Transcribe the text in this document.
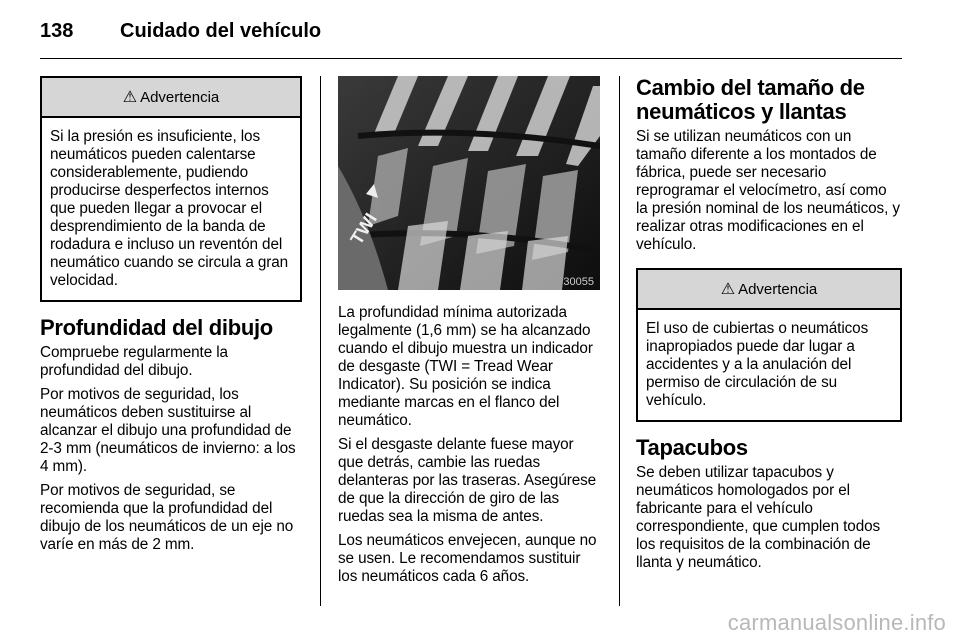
138 Cuidado del vehículo
⚠ Advertencia

Si la presión es insuficiente, los neumáticos pueden calentarse considerablemente, pudiendo producirse desperfectos internos que pueden llegar a provocar el desprendimiento de la banda de rodadura e incluso un reventón del neumático cuando se circula a gran velocidad.

Profundidad del dibujo

Compruebe regularmente la profundidad del dibujo.

Por motivos de seguridad, los neumáticos deben sustituirse al alcanzar el dibujo una profundidad de 2-3 mm (neumáticos de invierno: a los 4 mm).

Por motivos de seguridad, se recomienda que la profundidad del dibujo de los neumáticos de un eje no varíe en más de 2 mm.

TWI
30055

La profundidad mínima autorizada legalmente (1,6 mm) se ha alcanzado cuando el dibujo muestra un indicador de desgaste (TWI = Tread Wear Indicator). Su posición se indica mediante marcas en el flanco del neumático.

Si el desgaste delante fuese mayor que detrás, cambie las ruedas delanteras por las traseras. Asegúrese de que la dirección de giro de las ruedas sea la misma de antes.

Los neumáticos envejecen, aunque no se usen. Le recomendamos sustituir los neumáticos cada 6 años.

Cambio del tamaño de neumáticos y llantas

Si se utilizan neumáticos con un tamaño diferente a los montados de fábrica, puede ser necesario reprogramar el velocímetro, así como la presión nominal de los neumáticos, y realizar otras modificaciones en el vehículo.

⚠ Advertencia

El uso de cubiertas o neumáticos inapropiados puede dar lugar a accidentes y a la anulación del permiso de circulación de su vehículo.

Tapacubos

Se deben utilizar tapacubos y neumáticos homologados por el fabricante para el vehículo correspondiente, que cumplen todos los requisitos de la combinación de llanta y neumático.

carmanualsonline.info
